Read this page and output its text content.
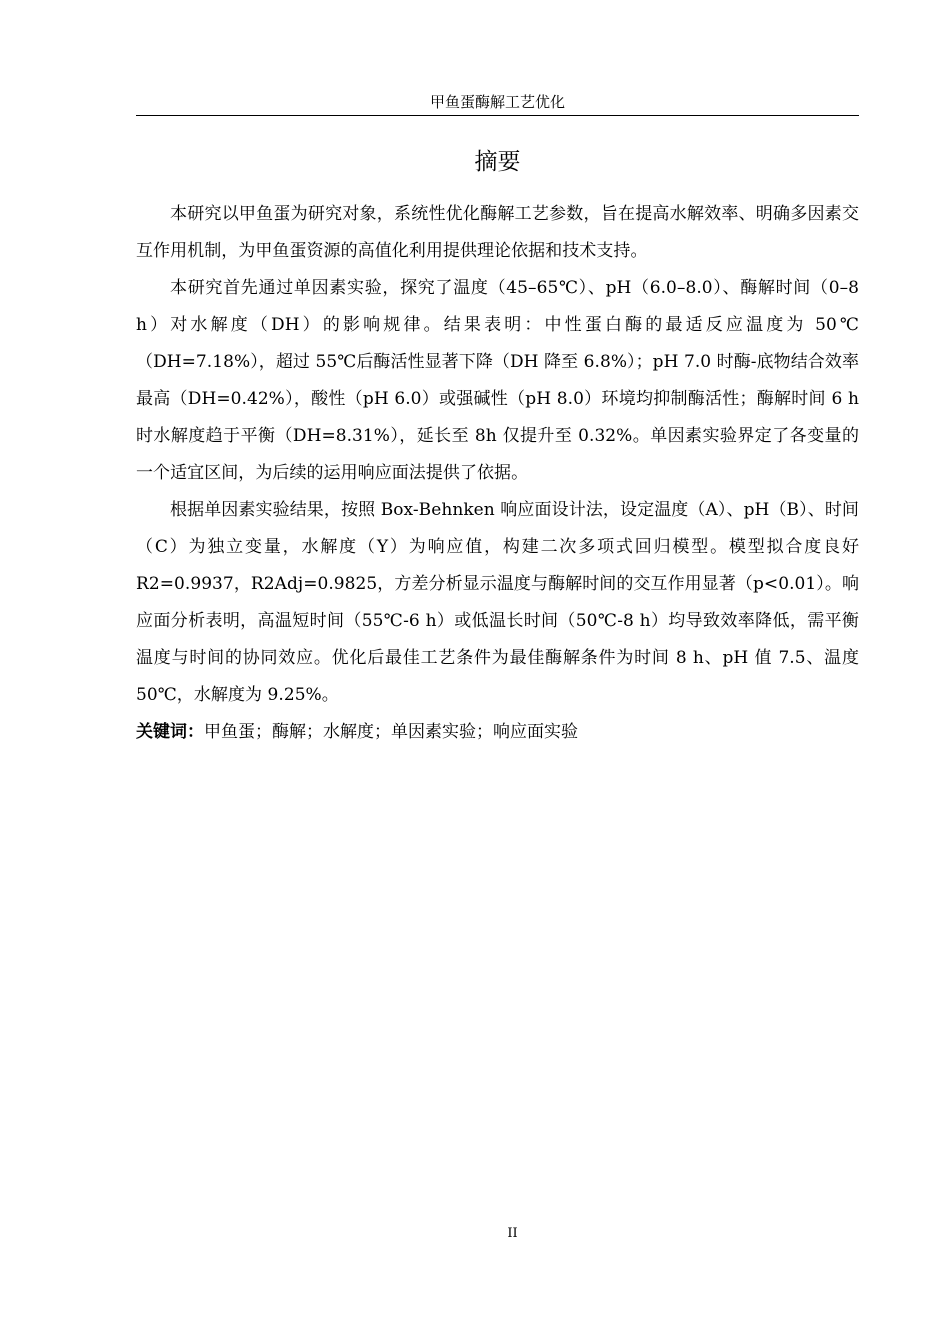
甲鱼蛋酶解工艺优化
摘要

本研究以甲鱼蛋为研究对象，系统性优化酶解工艺参数，旨在提高水解效率、明确多因素交互作用机制，为甲鱼蛋资源的高值化利用提供理论依据和技术支持。

本研究首先通过单因素实验，探究了温度（45–65℃）、pH（6.0–8.0）、酶解时间（0–8 h）对水解度（DH）的影响规律。结果表明：中性蛋白酶的最适反应温度为 50℃（DH=7.18%），超过 55℃后酶活性显著下降（DH 降至 6.8%）；pH 7.0 时酶-底物结合效率最高（DH=0.42%），酸性（pH 6.0）或强碱性（pH 8.0）环境均抑制酶活性；酶解时间 6 h 时水解度趋于平衡（DH=8.31%），延长至 8h 仅提升至 0.32%。单因素实验界定了各变量的一个适宜区间，为后续的运用响应面法提供了依据。

根据单因素实验结果，按照 Box-Behnken 响应面设计法，设定温度（A）、pH（B）、时间（C）为独立变量，水解度（Y）为响应值，构建二次多项式回归模型。模型拟合度良好 R2=0.9937，R2Adj=0.9825，方差分析显示温度与酶解时间的交互作用显著（p<0.01）。响应面分析表明，高温短时间（55℃-6 h）或低温长时间（50℃-8 h）均导致效率降低，需平衡温度与时间的协同效应。优化后最佳工艺条件为最佳酶解条件为时间 8 h、pH 值 7.5、温度 50℃，水解度为 9.25%。

关键词：甲鱼蛋；酶解；水解度；单因素实验；响应面实验

II
